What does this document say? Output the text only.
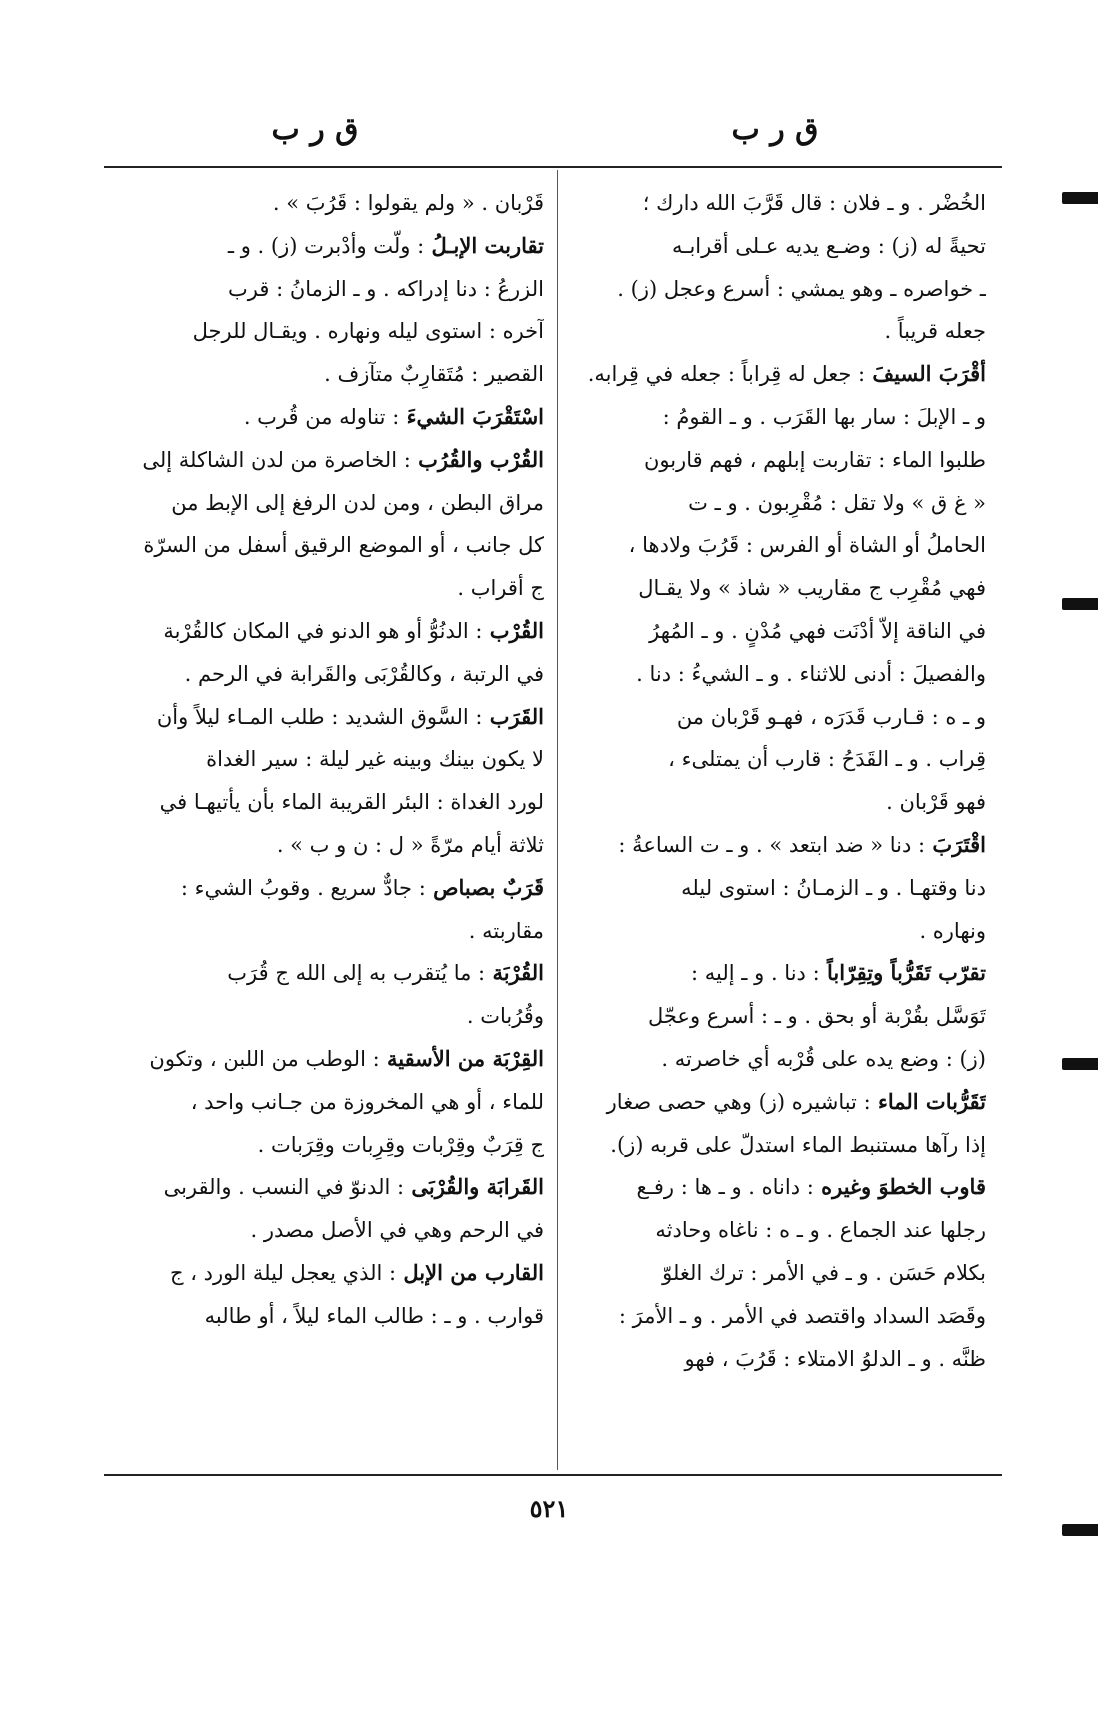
ق ر ب
ق ر ب
الخُضْر . و ـ فلان : قال قَرَّبَ الله دارك ؛
تحيةً له (ز) : وضـع يديه عـلى أقرابـه
ـ خواصره ـ وهو يمشي : أسرع وعجل (ز) .
جعله قريباً .
أقْرَبَ السيفَ : جعل له قِراباً : جعله في قِرابه.
و ـ الإبلَ : سار بها القَرَب . و ـ القومُ :
طلبوا الماء : تقاربت إبلهم ، فهم قاربون
« غ ق » ولا تقل : مُقْرِبون . و ـ ت
الحاملُ أو الشاة أو الفرس : قَرُبَ ولادها ،
فهي مُقْرِب ج مقاريب « شاذ » ولا يقـال
في الناقة إلاّ أدْنَت فهي مُدْنٍ . و ـ المُهرُ
والفصيلَ : أدنى للاثناء . و ـ الشيءُ : دنا .
و ـ ه : قـارب قَدَرَه ، فهـو قَرْبان من
قِراب . و ـ القَدَحُ : قارب أن يمتلىء ،
فهو قَرْبان .
اقْتَرَبَ : دنا « ضد ابتعد » . و ـ ت الساعةُ :
دنا وقتهـا . و ـ الزمـانُ : استوى ليله
ونهاره .
تقرّب تَقَرُّباً وتِقِرّاباً : دنا . و ـ إليه :
تَوَسَّل بقُرْبة أو بحق . و ـ : أسرع وعجّل
(ز) : وضع يده على قُرْبه أي خاصرته .
تَقَرُّبات الماء : تباشيره (ز) وهي حصى صغار
إذا رآها مستنبط الماء استدلّ على قربه (ز).
قاوب الخطوَ وغيره : داناه . و ـ ها : رفـع
رجلها عند الجماع . و ـ ه : ناغاه وحادثه
بكلام حَسَن . و ـ في الأمر : ترك الغلوّ
وقَصَد السداد واقتصد في الأمر . و ـ الأمرَ :
ظنَّه . و ـ الدلوُ الامتلاء : قَرُبَ ، فهو
قَرْبان . « ولم يقولوا : قَرُبَ » .
تقاربت الإبـلُ : ولّت وأدْبرت (ز) . و ـ
الزرعُ : دنا إدراكه . و ـ الزمانُ : قرب
آخره : استوى ليله ونهاره . ويقـال للرجل
القصير : مُتَقارِبٌ متآزف .
اسْتَقْرَبَ الشيءَ : تناوله من قُرب .
القُرْب والقُرُب : الخاصرة من لدن الشاكلة إلى
مراق البطن ، ومن لدن الرفغ إلى الإبط من
كل جانب ، أو الموضع الرقيق أسفل من السرّة
ج أقراب .
القُرْب : الدنُوُّ أو هو الدنو في المكان كالقُرْبة
في الرتبة ، وكالقُرْبَى والقَرابة في الرحم .
القَرَب : السَّوق الشديد : طلب المـاء ليلاً وأن
لا يكون بينك وبينه غير ليلة : سير الغداة
لورد الغداة : البئر القريبة الماء بأن يأتيهـا في
ثلاثة أيام مرّةً « ل : ن و ب » .
قَرَبٌ بصباص : جادٌّ سريع . وقوبُ الشيء :
مقاربته .
القُرْبَة : ما يُتقرب به إلى الله ج قُرَب
وقُرُبات .
القِرْبَة من الأسقية : الوطب من اللبن ، وتكون
للماء ، أو هي المخروزة من جـانب واحد ،
ج قِرَبٌ وقِرْبات وقِرِبات وقِرَبات .
القَرابَة والقُرْبَى : الدنوّ في النسب . والقربى
في الرحم وهي في الأصل مصدر .
القارب من الإبل : الذي يعجل ليلة الورد ، ج
قوارب . و ـ : طالب الماء ليلاً ، أو طالبه
٥٢١
